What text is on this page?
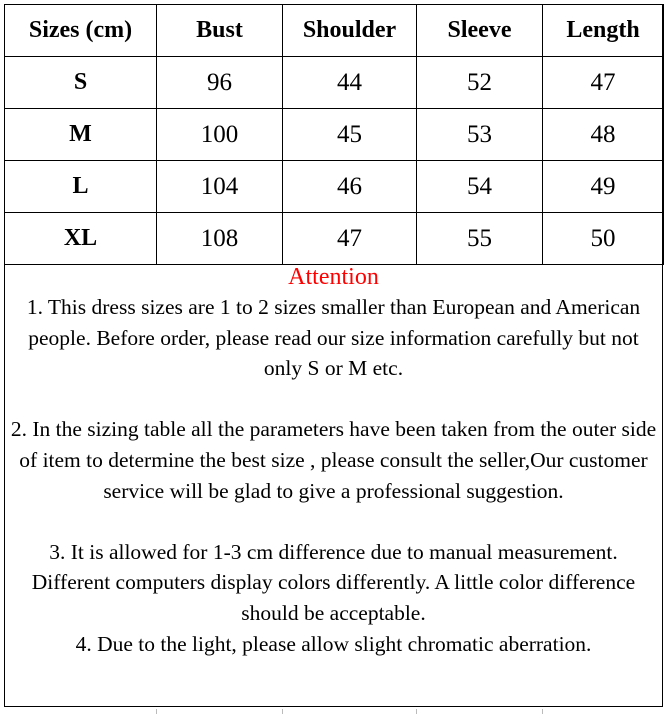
Sizes (cm)	Bust	Shoulder	Sleeve	Length
S	96	44	52	47
M	100	45	53	48
L	104	46	54	49
XL	108	47	55	50
Attention

1. This dress sizes are 1 to 2 sizes smaller than European and American people. Before order, please read our size information carefully but not only S or M etc.

2. In the sizing table all the parameters have been taken from the outer side of item to determine the best size , please consult the seller,Our customer service will be glad to give a professional suggestion.

3. It is allowed for 1-3 cm difference due to manual measurement. Different computers display colors differently. A little color difference should be acceptable.

4. Due to the light, please allow slight chromatic aberration.
